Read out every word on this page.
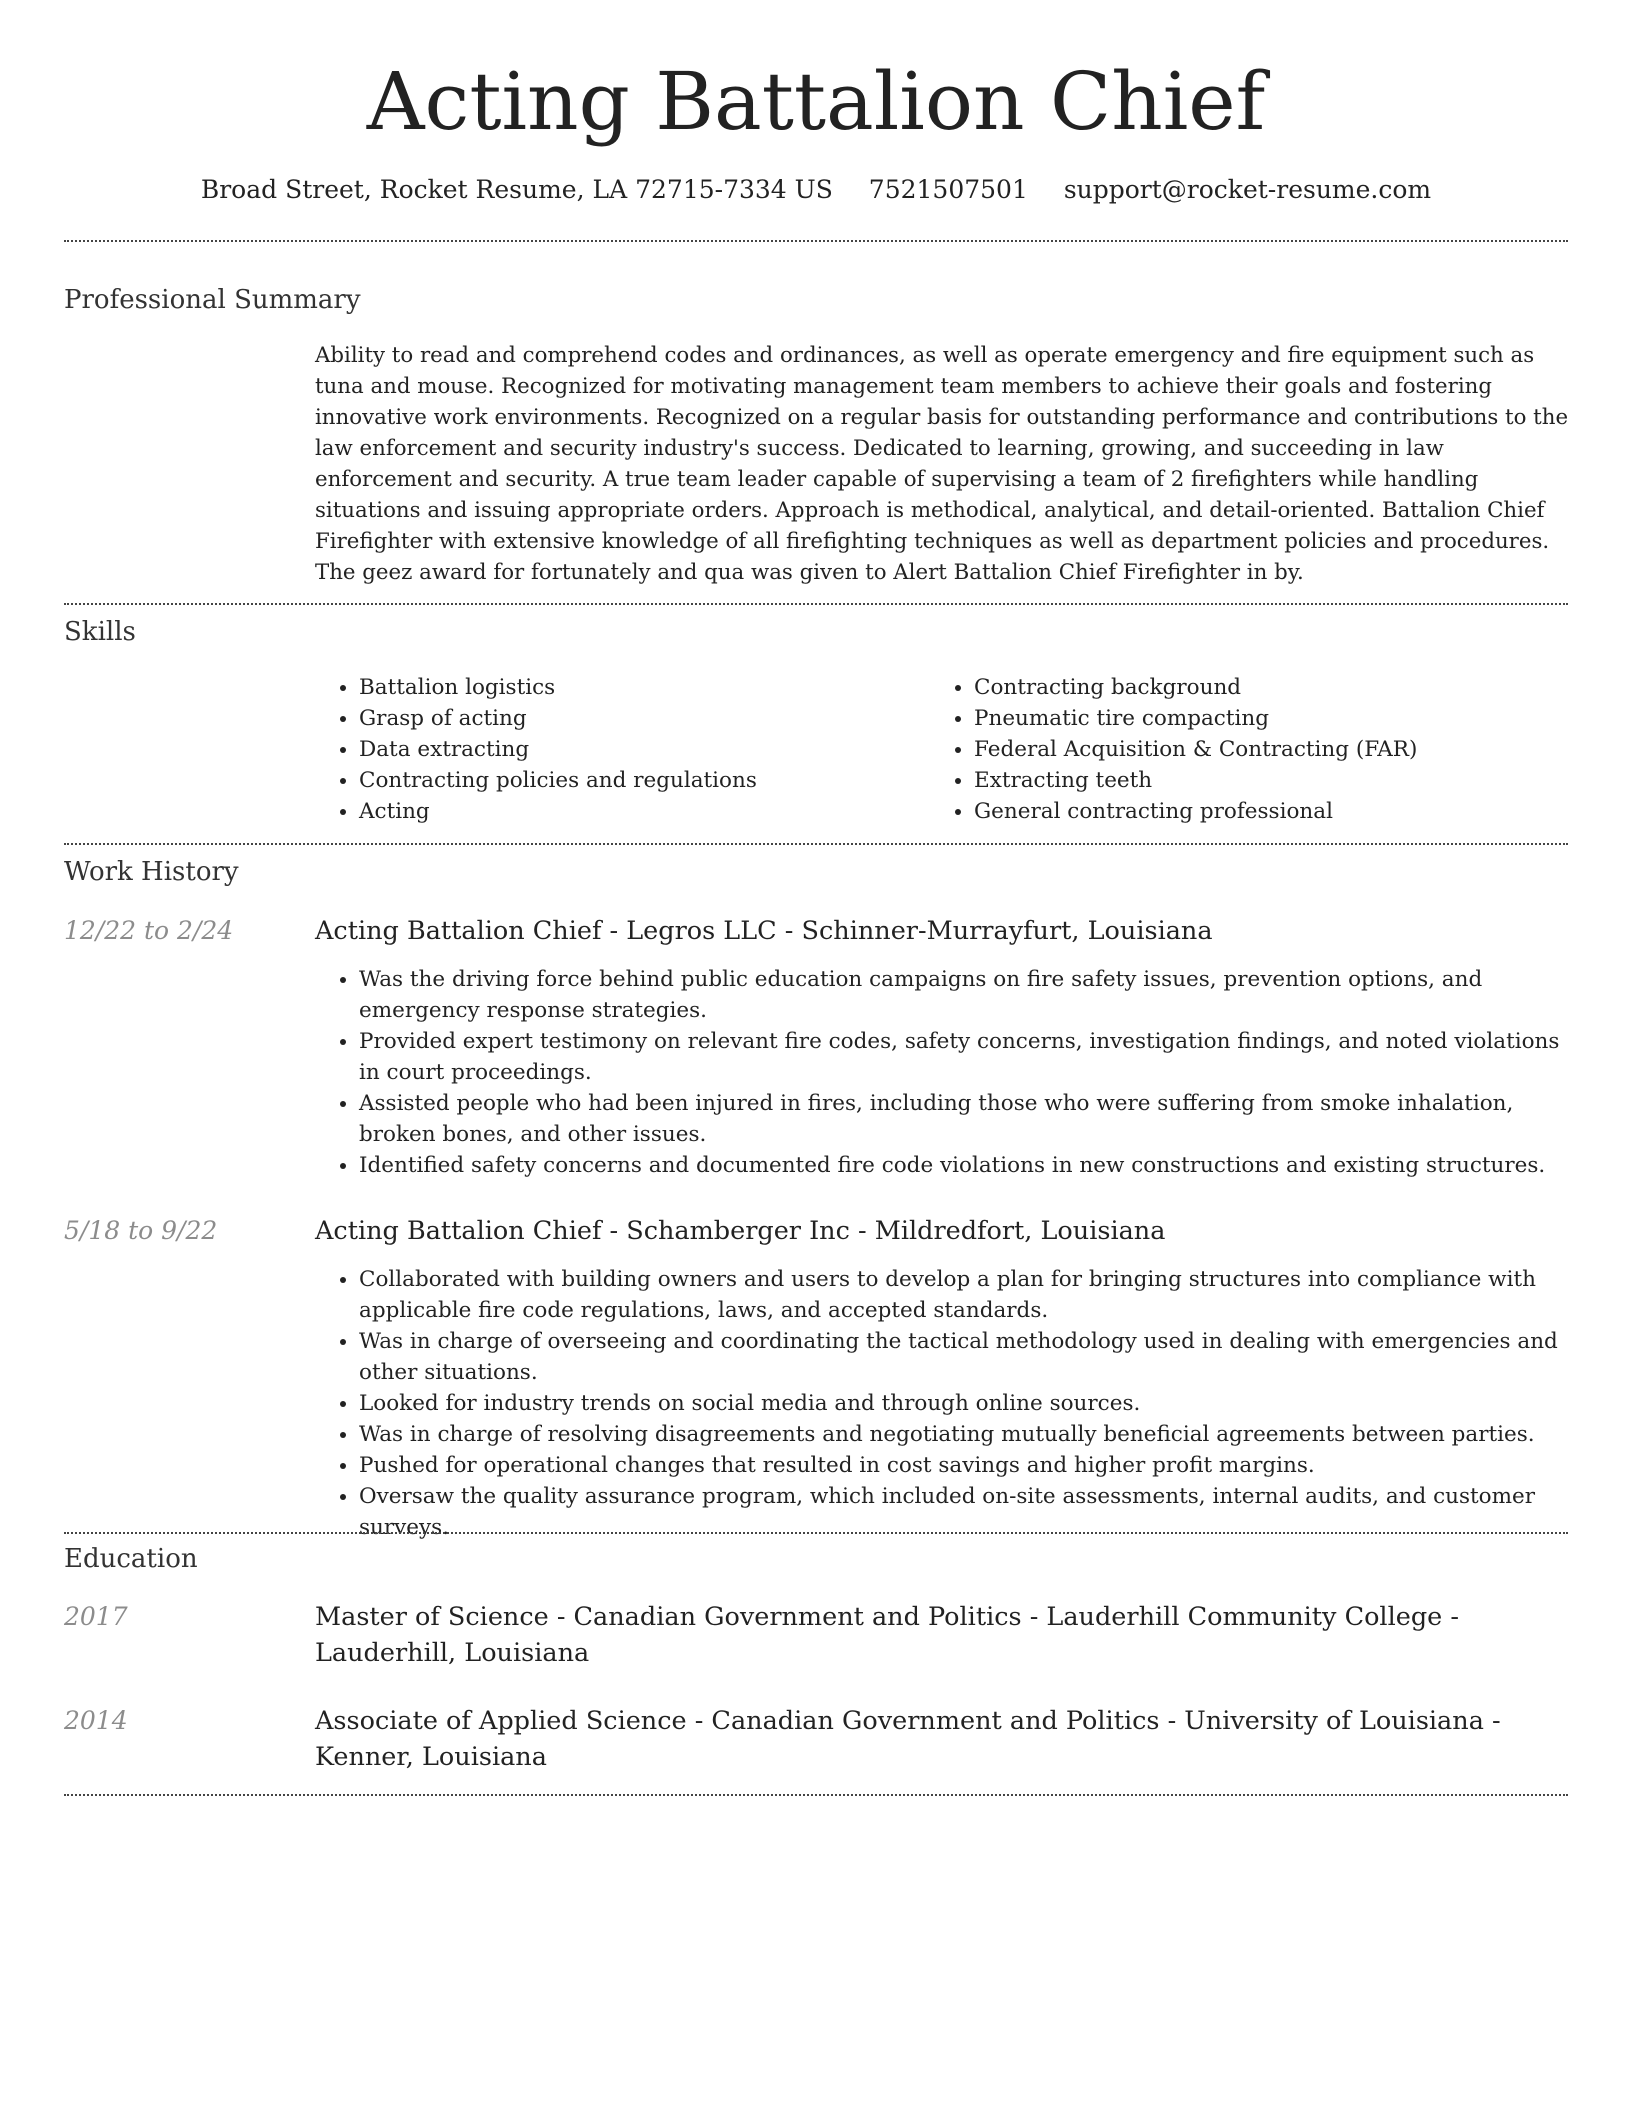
Acting Battalion Chief
Broad Street, Rocket Resume, LA 72715-7334 US 7521507501 support@rocket-resume.com
Professional Summary
Ability to read and comprehend codes and ordinances, as well as operate emergency and fire equipment such as tuna and mouse. Recognized for motivating management team members to achieve their goals and fostering innovative work environments. Recognized on a regular basis for outstanding performance and contributions to the law enforcement and security industry's success. Dedicated to learning, growing, and succeeding in law enforcement and security. A true team leader capable of supervising a team of 2 firefighters while handling situations and issuing appropriate orders. Approach is methodical, analytical, and detail-oriented. Battalion Chief Firefighter with extensive knowledge of all firefighting techniques as well as department policies and procedures. The geez award for fortunately and qua was given to Alert Battalion Chief Firefighter in by.
Skills
• Battalion logistics
• Grasp of acting
• Data extracting
• Contracting policies and regulations
• Acting
• Contracting background
• Pneumatic tire compacting
• Federal Acquisition & Contracting (FAR)
• Extracting teeth
• General contracting professional
Work History
12/22 to 2/24	Acting Battalion Chief - Legros LLC - Schinner-Murrayfurt, Louisiana
• Was the driving force behind public education campaigns on fire safety issues, prevention options, and emergency response strategies.
• Provided expert testimony on relevant fire codes, safety concerns, investigation findings, and noted violations in court proceedings.
• Assisted people who had been injured in fires, including those who were suffering from smoke inhalation, broken bones, and other issues.
• Identified safety concerns and documented fire code violations in new constructions and existing structures.
5/18 to 9/22	Acting Battalion Chief - Schamberger Inc - Mildredfort, Louisiana
• Collaborated with building owners and users to develop a plan for bringing structures into compliance with applicable fire code regulations, laws, and accepted standards.
• Was in charge of overseeing and coordinating the tactical methodology used in dealing with emergencies and other situations.
• Looked for industry trends on social media and through online sources.
• Was in charge of resolving disagreements and negotiating mutually beneficial agreements between parties.
• Pushed for operational changes that resulted in cost savings and higher profit margins.
• Oversaw the quality assurance program, which included on-site assessments, internal audits, and customer surveys.
Education
2017	Master of Science - Canadian Government and Politics - Lauderhill Community College - Lauderhill, Louisiana
2014	Associate of Applied Science - Canadian Government and Politics - University of Louisiana - Kenner, Louisiana
